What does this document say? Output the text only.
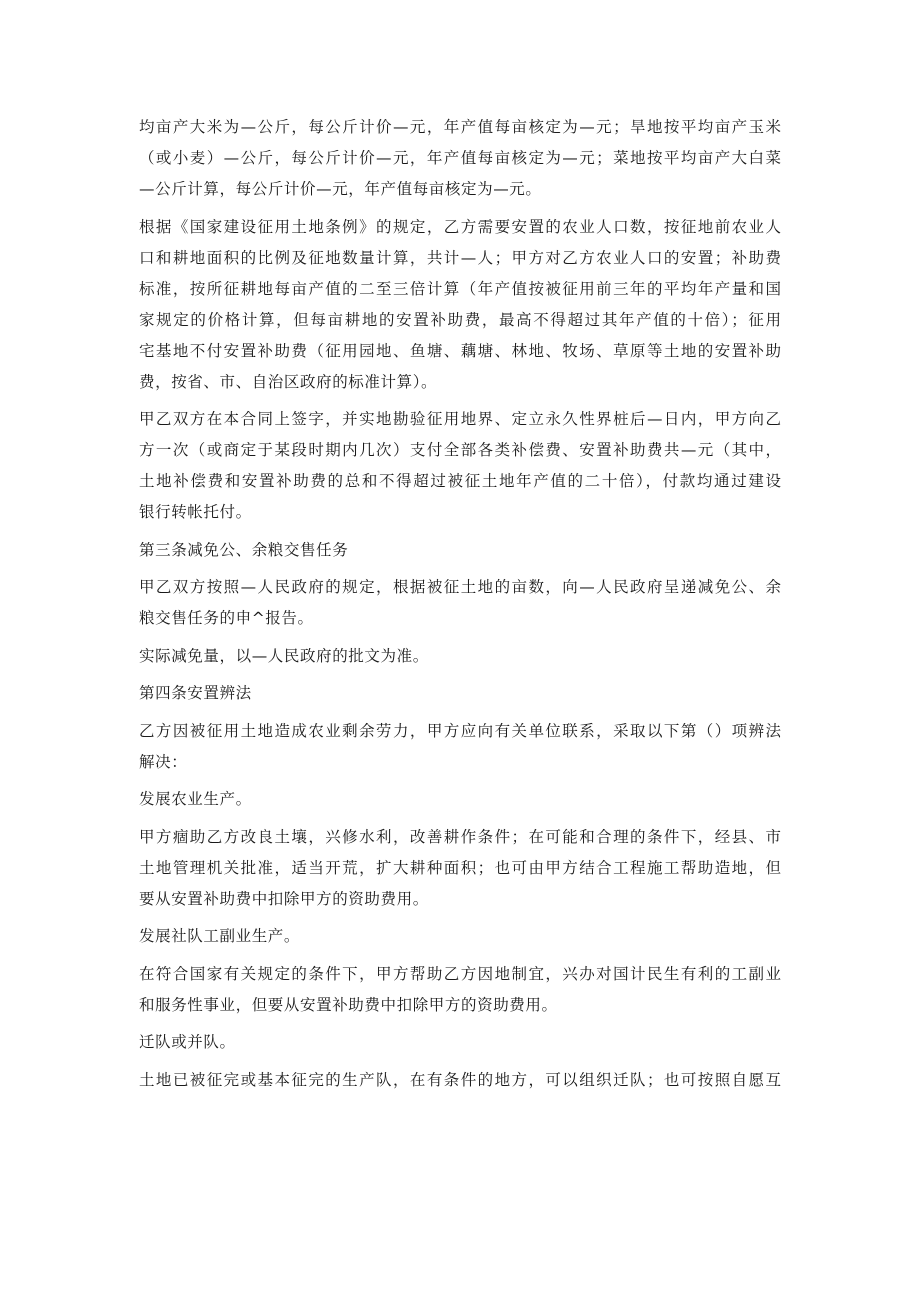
均亩产大米为—公斤，每公斤计价—元，年产值每亩核定为—元；旱地按平均亩产玉米
（或小麦）—公斤，每公斤计价—元，年产值每亩核定为—元；菜地按平均亩产大白菜
—公斤计算，每公斤计价—元，年产值每亩核定为—元。
根据《国家建设征用土地条例》的规定，乙方需要安置的农业人口数，按征地前农业人
口和耕地面积的比例及征地数量计算，共计—人；甲方对乙方农业人口的安置；补助费
标准，按所征耕地每亩产值的二至三倍计算（年产值按被征用前三年的平均年产量和国
家规定的价格计算，但每亩耕地的安置补助费，最高不得超过其年产值的十倍）；征用
宅基地不付安置补助费（征用园地、鱼塘、藕塘、林地、牧场、草原等土地的安置补助
费，按省、市、自治区政府的标准计算）。
甲乙双方在本合同上签字，并实地勘验征用地界、定立永久性界桩后—日内，甲方向乙
方一次（或商定于某段时期内几次）支付全部各类补偿费、安置补助费共—元（其中，
土地补偿费和安置补助费的总和不得超过被征土地年产值的二十倍），付款均通过建设
银行转帐托付。
第三条减免公、余粮交售任务
甲乙双方按照—人民政府的规定，根据被征土地的亩数，向—人民政府呈递减免公、余
粮交售任务的申^报告。
实际减免量，以—人民政府的批文为准。
第四条安置辨法
乙方因被征用土地造成农业剩余劳力，甲方应向有关单位联系，采取以下第（）项辨法
解决：
发展农业生产。
甲方痼助乙方改良土壤，兴修水利，改善耕作条件；在可能和合理的条件下，经县、市
土地管理机关批准，适当开荒，扩大耕种面积；也可由甲方结合工程施工帮助造地，但
要从安置补助费中扣除甲方的资助费用。
发展社队工副业生产。
在符合国家有关规定的条件下，甲方帮助乙方因地制宜，兴办对国计民生有利的工副业
和服务性事业，但要从安置补助费中扣除甲方的资助费用。
迁队或并队。
土地已被征完或基本征完的生产队，在有条件的地方，可以组织迁队；也可按照自愿互
